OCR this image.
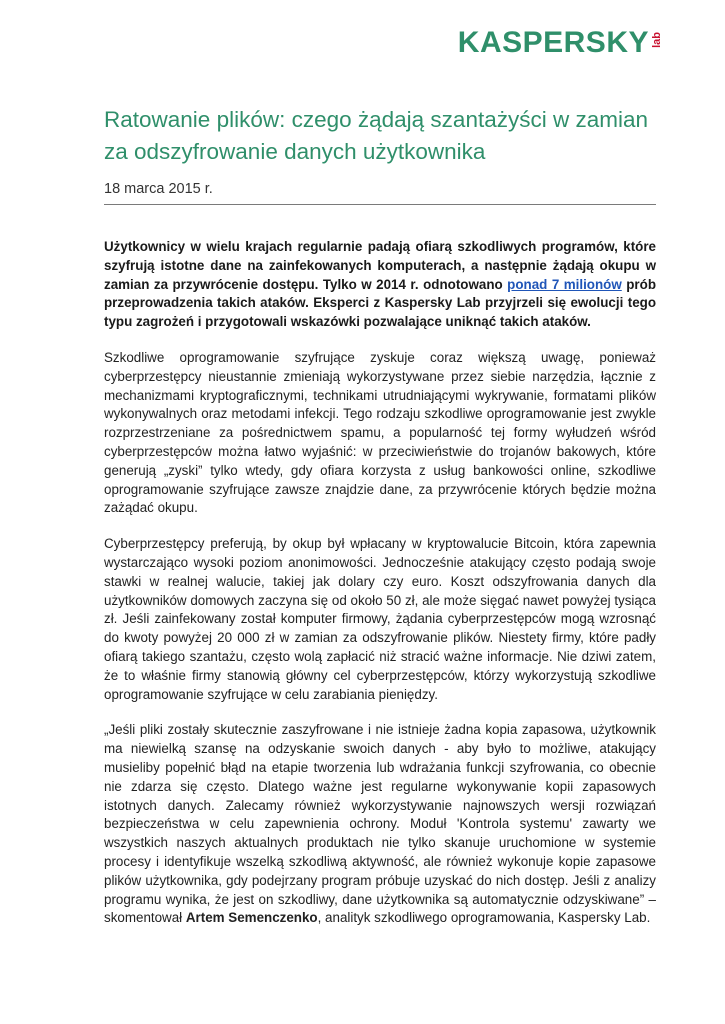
KASPERSKY lab
Ratowanie plików: czego żądają szantażyści w zamian za odszyfrowanie danych użytkownika
18 marca 2015 r.

Użytkownicy w wielu krajach regularnie padają ofiarą szkodliwych programów, które szyfrują istotne dane na zainfekowanych komputerach, a następnie żądają okupu w zamian za przywrócenie dostępu. Tylko w 2014 r. odnotowano ponad 7 milionów prób przeprowadzenia takich ataków. Eksperci z Kaspersky Lab przyjrzeli się ewolucji tego typu zagrożeń i przygotowali wskazówki pozwalające uniknąć takich ataków.

Szkodliwe oprogramowanie szyfrujące zyskuje coraz większą uwagę, ponieważ cyberprzestępcy nieustannie zmieniają wykorzystywane przez siebie narzędzia, łącznie z mechanizmami kryptograficznymi, technikami utrudniającymi wykrywanie, formatami plików wykonywalnych oraz metodami infekcji. Tego rodzaju szkodliwe oprogramowanie jest zwykle rozprzestrzeniane za pośrednictwem spamu, a popularność tej formy wyłudzeń wśród cyberprzestępców można łatwo wyjaśnić: w przeciwieństwie do trojanów bakowych, które generują „zyski” tylko wtedy, gdy ofiara korzysta z usług bankowości online, szkodliwe oprogramowanie szyfrujące zawsze znajdzie dane, za przywrócenie których będzie można zażądać okupu.

Cyberprzestępcy preferują, by okup był wpłacany w kryptowalucie Bitcoin, która zapewnia wystarczająco wysoki poziom anonimowości. Jednocześnie atakujący często podają swoje stawki w realnej walucie, takiej jak dolary czy euro. Koszt odszyfrowania danych dla użytkowników domowych zaczyna się od około 50 zł, ale może sięgać nawet powyżej tysiąca zł. Jeśli zainfekowany został komputer firmowy, żądania cyberprzestępców mogą wzrosnąć do kwoty powyżej 20 000 zł w zamian za odszyfrowanie plików. Niestety firmy, które padły ofiarą takiego szantażu, często wolą zapłacić niż stracić ważne informacje. Nie dziwi zatem, że to właśnie firmy stanowią główny cel cyberprzestępców, którzy wykorzystują szkodliwe oprogramowanie szyfrujące w celu zarabiania pieniędzy.

„Jeśli pliki zostały skutecznie zaszyfrowane i nie istnieje żadna kopia zapasowa, użytkownik ma niewielką szansę na odzyskanie swoich danych - aby było to możliwe, atakujący musieliby popełnić błąd na etapie tworzenia lub wdrażania funkcji szyfrowania, co obecnie nie zdarza się często. Dlatego ważne jest regularne wykonywanie kopii zapasowych istotnych danych. Zalecamy również wykorzystywanie najnowszych wersji rozwiązań bezpieczeństwa w celu zapewnienia ochrony. Moduł 'Kontrola systemu' zawarty we wszystkich naszych aktualnych produktach nie tylko skanuje uruchomione w systemie procesy i identyfikuje wszelką szkodliwą aktywność, ale również wykonuje kopie zapasowe plików użytkownika, gdy podejrzany program próbuje uzyskać do nich dostęp. Jeśli z analizy programu wynika, że jest on szkodliwy, dane użytkownika są automatycznie odzyskiwane” – skomentował Artem Semenczenko, analityk szkodliwego oprogramowania, Kaspersky Lab.
